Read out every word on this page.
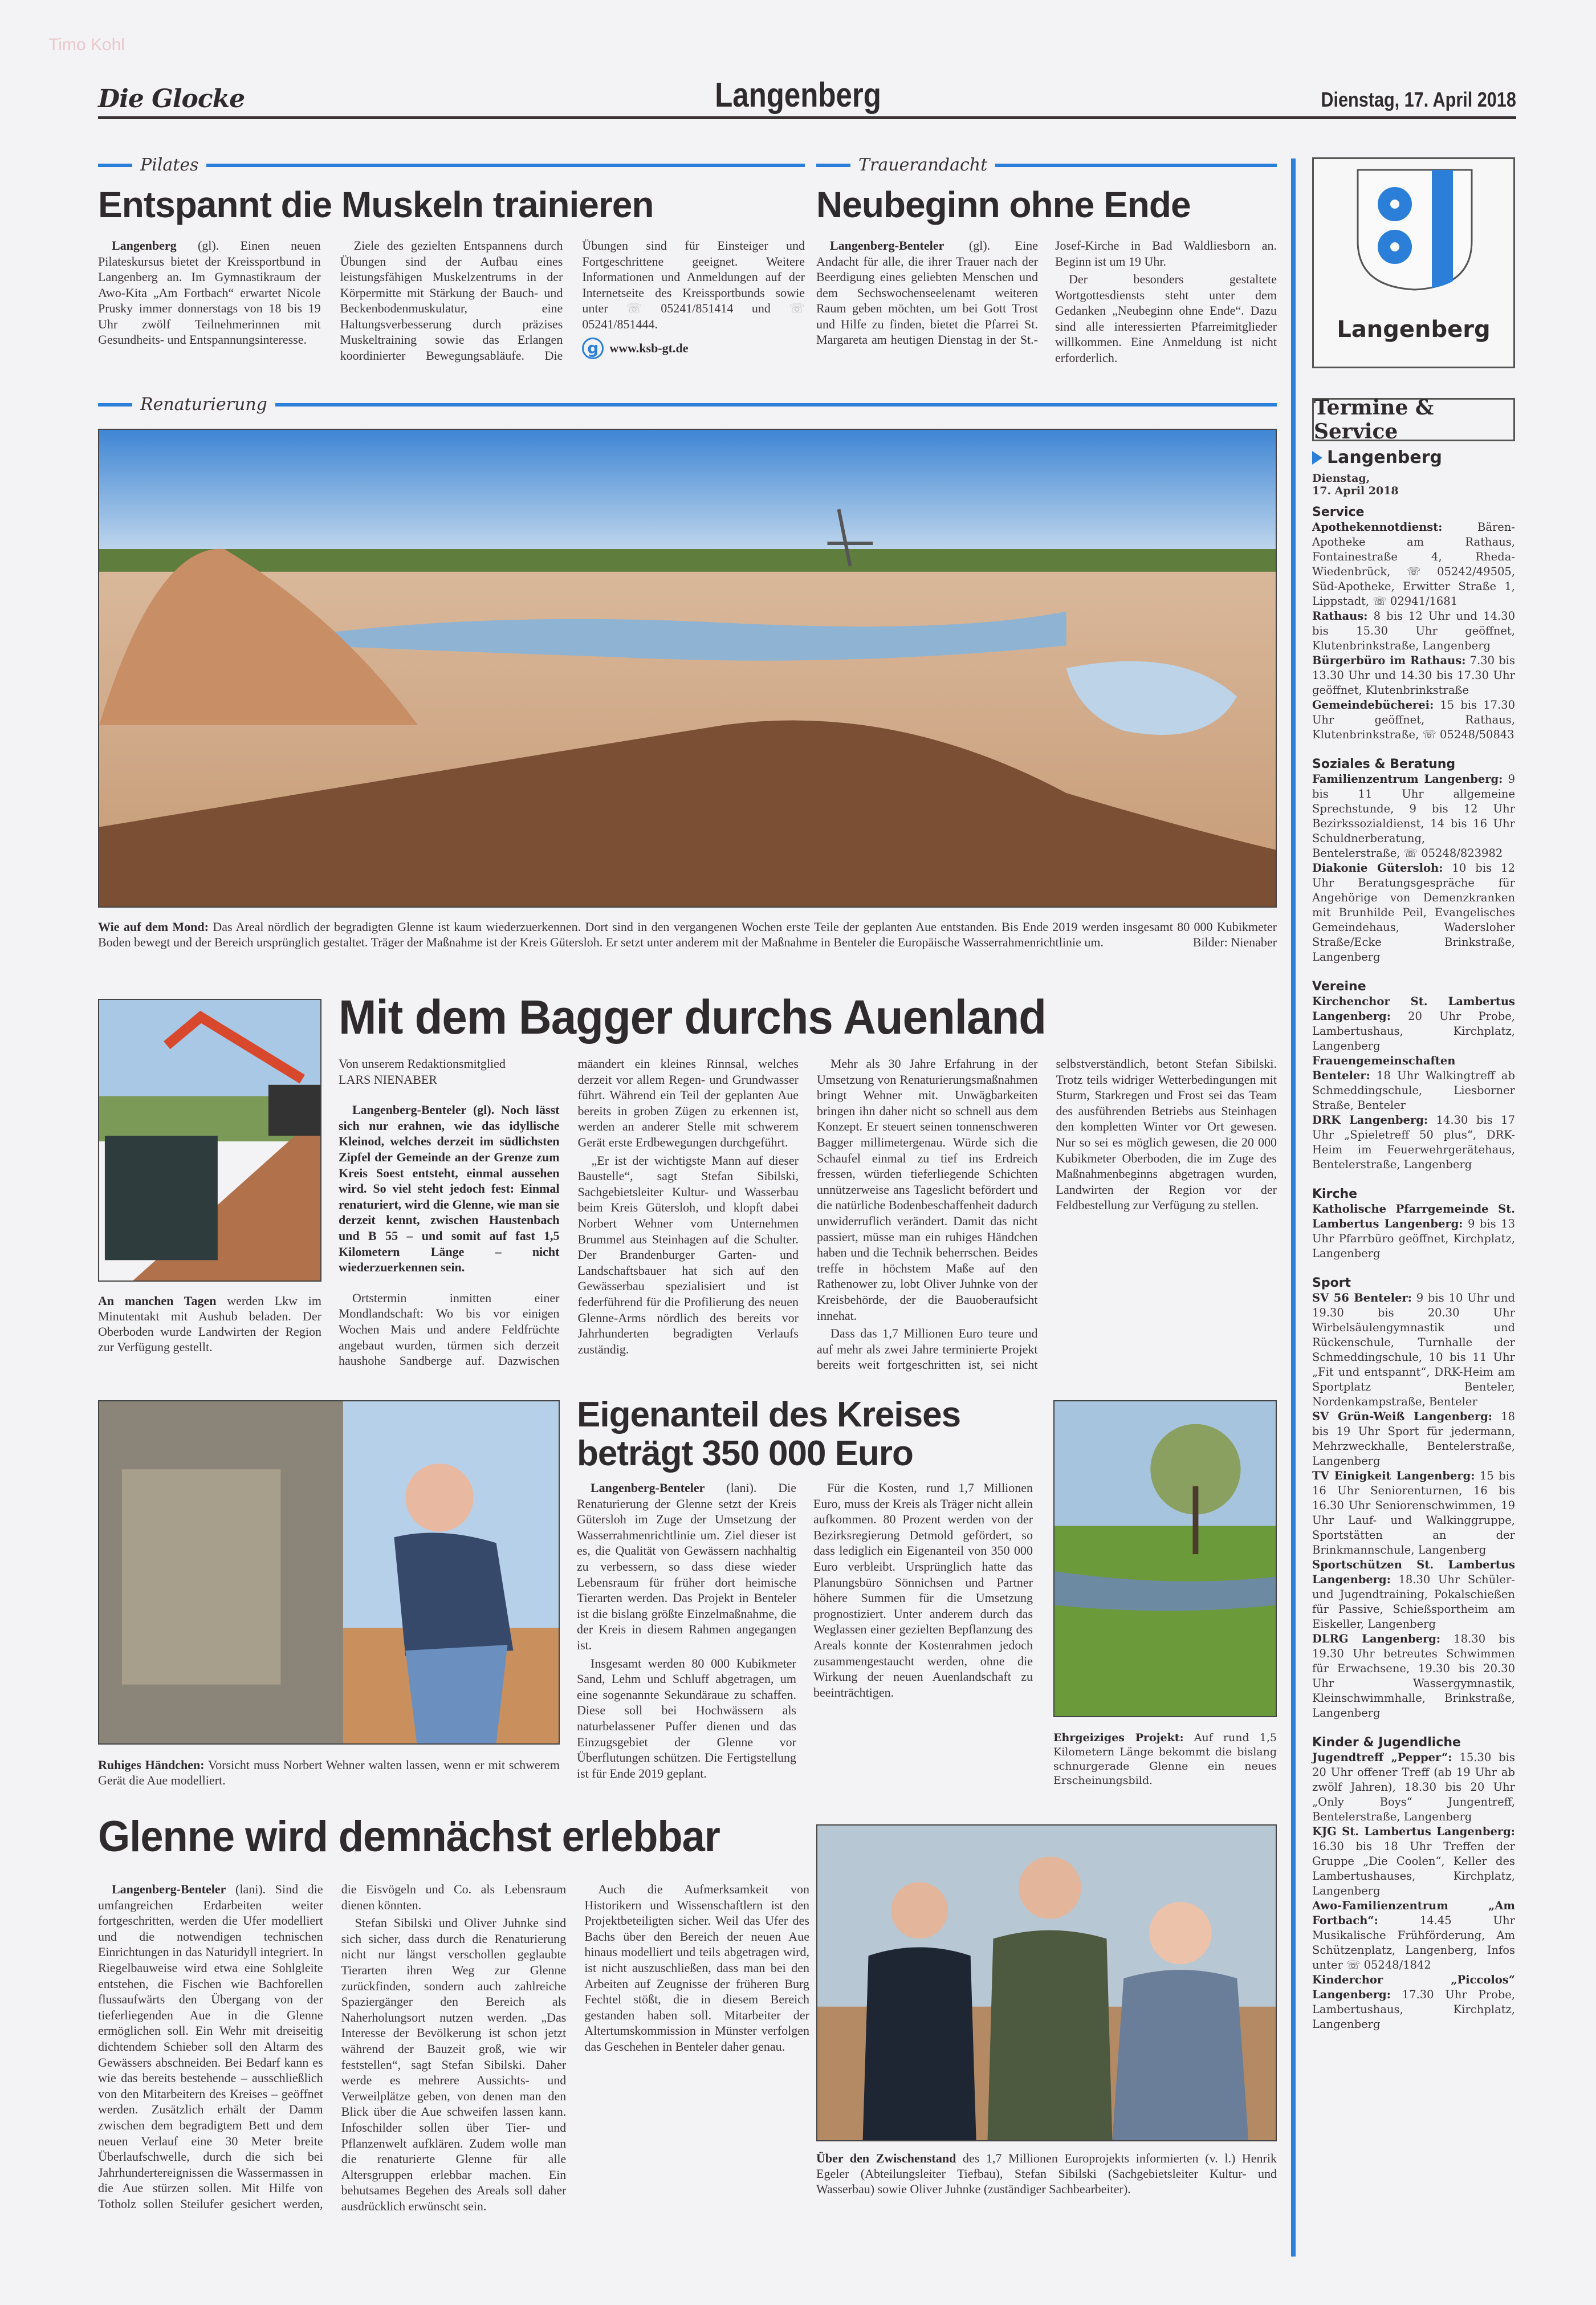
Timo Kohl
Die Glocke	Langenberg	Dienstag, 17. April 2018
Pilates
Entspannt die Muskeln trainieren

Langenberg (gl). Einen neuen Pilateskursus bietet der Kreissportbund in Langenberg an. Im Gymnastikraum der Awo-Kita „Am Fortbach“ erwartet Nicole Prusky immer donnerstags von 18 bis 19 Uhr zwölf Teilnehmerinnen mit Gesundheits- und Entspannungsinteresse.

Ziele des gezielten Entspannens durch Übungen sind der Aufbau eines leistungsfähigen Muskelzentrums in der Körpermitte mit Stärkung der Bauch- und Beckenbodenmuskulatur, eine Haltungsverbesserung durch präzises Muskeltraining sowie das Erlangen koordinierter Bewegungsabläufe. Die Übungen sind für Einsteiger und Fortgeschrittene geeignet. Weitere Informationen und Anmeldungen auf der Internetseite des Kreissportbunds sowie unter ☏ 05241/851414 und ☏ 05241/851444.

g www.ksb-gt.de
Trauerandacht
Neubeginn ohne Ende

Langenberg-Benteler (gl). Eine Andacht für alle, die ihrer Trauer nach der Beerdigung eines geliebten Menschen und dem Sechswochenseelenamt weiteren Raum geben möchten, um bei Gott Trost und Hilfe zu finden, bietet die Pfarrei St. Margareta am heutigen Dienstag in der St.-Josef-Kirche in Bad Waldliesborn an. Beginn ist um 19 Uhr.

Der besonders gestaltete Wortgottesdiensts steht unter dem Gedanken „Neubeginn ohne Ende“. Dazu sind alle interessierten Pfarreimitglieder willkommen. Eine Anmeldung ist nicht erforderlich.

Renaturierung
Wie auf dem Mond: Das Areal nördlich der begradigten Glenne ist kaum wiederzuerkennen. Dort sind in den vergangenen Wochen erste Teile der geplanten Aue entstanden. Bis Ende 2019 werden insgesamt 80 000 Kubikmeter Boden bewegt und der Bereich ursprünglich gestaltet. Träger der Maßnahme ist der Kreis Gütersloh. Er setzt unter anderem mit der Maßnahme in Benteler die Europäische Wasserrahmenrichtlinie um.	Bilder: Nienaber
An manchen Tagen werden Lkw im Minutentakt mit Aushub beladen. Der Oberboden wurde Landwirten der Region zur Verfügung gestellt.
Mit dem Bagger durchs Auenland
Von unserem Redaktionsmitglied
LARS NIENABER

Langenberg-Benteler (gl). Noch lässt sich nur erahnen, wie das idyllische Kleinod, welches derzeit im südlichsten Zipfel der Gemeinde an der Grenze zum Kreis Soest entsteht, einmal aussehen wird. So viel steht jedoch fest: Einmal renaturiert, wird die Glenne, wie man sie derzeit kennt, zwischen Haustenbach und B 55 – und somit auf fast 1,5 Kilometern Länge – nicht wiederzuerkennen sein.

Ortstermin inmitten einer Mondlandschaft: Wo bis vor einigen Wochen Mais und andere Feldfrüchte angebaut wurden, türmen sich derzeit haushohe Sandberge auf. Dazwischen mäandert ein kleines Rinnsal, welches derzeit vor allem Regen- und Grundwasser führt. Während ein Teil der geplanten Aue bereits in groben Zügen zu erkennen ist, werden an anderer Stelle mit schwerem Gerät erste Erdbewegungen durchgeführt.

„Er ist der wichtigste Mann auf dieser Baustelle“, sagt Stefan Sibilski, Sachgebietsleiter Kultur- und Wasserbau beim Kreis Gütersloh, und klopft dabei Norbert Wehner vom Unternehmen Brummel aus Steinhagen auf die Schulter. Der Brandenburger Garten- und Landschaftsbauer hat sich auf den Gewässerbau spezialisiert und ist federführend für die Profilierung des neuen Glenne-Arms nördlich des bereits vor Jahrhunderten begradigten Verlaufs zuständig.

Mehr als 30 Jahre Erfahrung in der Umsetzung von Renaturierungsmaßnahmen bringt Wehner mit. Unwägbarkeiten bringen ihn daher nicht so schnell aus dem Konzept. Er steuert seinen tonnenschweren Bagger millimetergenau. Würde sich die Schaufel einmal zu tief ins Erdreich fressen, würden tieferliegende Schichten unnützerweise ans Tageslicht befördert und die natürliche Bodenbeschaffenheit dadurch unwiderruflich verändert. Damit das nicht passiert, müsse man ein ruhiges Händchen haben und die Technik beherrschen. Beides treffe in höchstem Maße auf den Rathenower zu, lobt Oliver Juhnke von der Kreisbehörde, der die Bauoberaufsicht innehat.

Dass das 1,7 Millionen Euro teure und auf mehr als zwei Jahre terminierte Projekt bereits weit fortgeschritten ist, sei nicht selbstverständlich, betont Stefan Sibilski. Trotz teils widriger Wetterbedingungen mit Sturm, Starkregen und Frost sei das Team des ausführenden Betriebs aus Steinhagen den kompletten Winter vor Ort gewesen. Nur so sei es möglich gewesen, die 20 000 Kubikmeter Oberboden, die im Zuge des Maßnahmenbeginns abgetragen wurden, Landwirten der Region vor der Feldbestellung zur Verfügung zu stellen.

Ruhiges Händchen: Vorsicht muss Norbert Wehner walten lassen, wenn er mit schwerem Gerät die Aue modelliert.
Eigenanteil des Kreises
beträgt 350 000 Euro

Langenberg-Benteler (lani). Die Renaturierung der Glenne setzt der Kreis Gütersloh im Zuge der Umsetzung der Wasserrahmenrichtlinie um. Ziel dieser ist es, die Qualität von Gewässern nachhaltig zu verbessern, so dass diese wieder Lebensraum für früher dort heimische Tierarten werden. Das Projekt in Benteler ist die bislang größte Einzelmaßnahme, die der Kreis in diesem Rahmen angegangen ist.

Insgesamt werden 80 000 Kubikmeter Sand, Lehm und Schluff abgetragen, um eine sogenannte Sekundäraue zu schaffen. Diese soll bei Hochwässern als naturbelassener Puffer dienen und das Einzugsgebiet der Glenne vor Überflutungen schützen. Die Fertigstellung ist für Ende 2019 geplant.

Für die Kosten, rund 1,7 Millionen Euro, muss der Kreis als Träger nicht allein aufkommen. 80 Prozent werden von der Bezirksregierung Detmold gefördert, so dass lediglich ein Eigenanteil von 350 000 Euro verbleibt. Ursprünglich hatte das Planungsbüro Sönnichsen und Partner höhere Summen für die Umsetzung prognostiziert. Unter anderem durch das Weglassen einer gezielten Bepflanzung des Areals konnte der Kostenrahmen jedoch zusammengestaucht werden, ohne die Wirkung der neuen Auenlandschaft zu beeinträchtigen.

Ehrgeiziges Projekt: Auf rund 1,5 Kilometern Länge bekommt die bislang schnurgerade Glenne ein neues Erscheinungsbild.
Glenne wird demnächst erlebbar

Langenberg-Benteler (lani). Sind die umfangreichen Erdarbeiten weiter fortgeschritten, werden die Ufer modelliert und die notwendigen technischen Einrichtungen in das Naturidyll integriert. In Riegelbauweise wird etwa eine Sohlgleite entstehen, die Fischen wie Bachforellen flussaufwärts den Übergang von der tieferliegenden Aue in die Glenne ermöglichen soll. Ein Wehr mit dreiseitig dichtendem Schieber soll den Altarm des Gewässers abschneiden. Bei Bedarf kann es wie das bereits bestehende – ausschließlich von den Mitarbeitern des Kreises – geöffnet werden. Zusätzlich erhält der Damm zwischen dem begradigtem Bett und dem neuen Verlauf eine 30 Meter breite Überlaufschwelle, durch die sich bei Jahrhundertereignissen die Wassermassen in die Aue stürzen sollen. Mit Hilfe von Totholz sollen Steilufer gesichert werden, die Eisvögeln und Co. als Lebensraum dienen könnten.

Stefan Sibilski und Oliver Juhnke sind sich sicher, dass durch die Renaturierung nicht nur längst verschollen geglaubte Tierarten ihren Weg zur Glenne zurückfinden, sondern auch zahlreiche Spaziergänger den Bereich als Naherholungsort nutzen werden. „Das Interesse der Bevölkerung ist schon jetzt während der Bauzeit groß, wie wir feststellen“, sagt Stefan Sibilski. Daher werde es mehrere Aussichts- und Verweilplätze geben, von denen man den Blick über die Aue schweifen lassen kann. Infoschilder sollen über Tier- und Pflanzenwelt aufklären. Zudem wolle man die renaturierte Glenne für alle Altersgruppen erlebbar machen. Ein behutsames Begehen des Areals soll daher ausdrücklich erwünscht sein.

Auch die Aufmerksamkeit von Historikern und Wissenschaftlern ist den Projektbeteiligten sicher. Weil das Ufer des Bachs über den Bereich der neuen Aue hinaus modelliert und teils abgetragen wird, ist nicht auszuschließen, dass man bei den Arbeiten auf Zeugnisse der früheren Burg Fechtel stößt, die in diesem Bereich gestanden haben soll. Mitarbeiter der Altertumskommission in Münster verfolgen das Geschehen in Benteler daher genau.

Über den Zwischenstand des 1,7 Millionen Europrojekts informierten (v. l.) Henrik Egeler (Abteilungsleiter Tiefbau), Stefan Sibilski (Sachgebietsleiter Kultur- und Wasserbau) sowie Oliver Juhnke (zuständiger Sachbearbeiter).
Langenberg
Termine & Service
Langenberg
Dienstag,
17. April 2018
Service
Apothekennotdienst: Bären-Apotheke am Rathaus, Fontainestraße 4, Rheda-Wiedenbrück, ☏ 05242/49505, Süd-Apotheke, Erwitter Straße 1, Lippstadt, ☏ 02941/1681
Rathaus: 8 bis 12 Uhr und 14.30 bis 15.30 Uhr geöffnet, Klutenbrinkstraße, Langenberg
Bürgerbüro im Rathaus: 7.30 bis 13.30 Uhr und 14.30 bis 17.30 Uhr geöffnet, Klutenbrinkstraße
Gemeindebücherei: 15 bis 17.30 Uhr geöffnet, Rathaus, Klutenbrinkstraße, ☏ 05248/50843
Soziales & Beratung
Familienzentrum Langenberg: 9 bis 11 Uhr allgemeine Sprechstunde, 9 bis 12 Uhr Bezirkssozialdienst, 14 bis 16 Uhr Schuldnerberatung, Bentelerstraße, ☏ 05248/823982
Diakonie Gütersloh: 10 bis 12 Uhr Beratungsgespräche für Angehörige von Demenzkranken mit Brunhilde Peil, Evangelisches Gemeindehaus, Wadersloher Straße/Ecke Brinkstraße, Langenberg
Vereine
Kirchenchor St. Lambertus Langenberg: 20 Uhr Probe, Lambertushaus, Kirchplatz, Langenberg
Frauengemeinschaften Benteler: 18 Uhr Walkingtreff ab Schmeddingschule, Liesborner Straße, Benteler
DRK Langenberg: 14.30 bis 17 Uhr „Spieletreff 50 plus“, DRK-Heim im Feuerwehrgerätehaus, Bentelerstraße, Langenberg
Kirche
Katholische Pfarrgemeinde St. Lambertus Langenberg: 9 bis 13 Uhr Pfarrbüro geöffnet, Kirchplatz, Langenberg
Sport
SV 56 Benteler: 9 bis 10 Uhr und 19.30 bis 20.30 Uhr Wirbelsäulengymnastik und Rückenschule, Turnhalle der Schmeddingschule, 10 bis 11 Uhr „Fit und entspannt“, DRK-Heim am Sportplatz Benteler, Nordenkampstraße, Benteler
SV Grün-Weiß Langenberg: 18 bis 19 Uhr Sport für jedermann, Mehrzweckhalle, Bentelerstraße, Langenberg
TV Einigkeit Langenberg: 15 bis 16 Uhr Seniorenturnen, 16 bis 16.30 Uhr Seniorenschwimmen, 19 Uhr Lauf- und Walkinggruppe, Sportstätten an der Brinkmannschule, Langenberg
Sportschützen St. Lambertus Langenberg: 18.30 Uhr Schüler- und Jugendtraining, Pokalschießen für Passive, Schießsportheim am Eiskeller, Langenberg
DLRG Langenberg: 18.30 bis 19.30 Uhr betreutes Schwimmen für Erwachsene, 19.30 bis 20.30 Uhr Wassergymnastik, Kleinschwimmhalle, Brinkstraße, Langenberg
Kinder & Jugendliche
Jugendtreff „Pepper“: 15.30 bis 20 Uhr offener Treff (ab 19 Uhr ab zwölf Jahren), 18.30 bis 20 Uhr „Only Boys“ Jungentreff, Bentelerstraße, Langenberg
KJG St. Lambertus Langenberg: 16.30 bis 18 Uhr Treffen der Gruppe „Die Coolen“, Keller des Lambertushauses, Kirchplatz, Langenberg
Awo-Familienzentrum „Am Fortbach“: 14.45 Uhr Musikalische Frühförderung, Am Schützenplatz, Langenberg, Infos unter ☏ 05248/1842
Kinderchor „Piccolos“ Langenberg: 17.30 Uhr Probe, Lambertushaus, Kirchplatz, Langenberg
